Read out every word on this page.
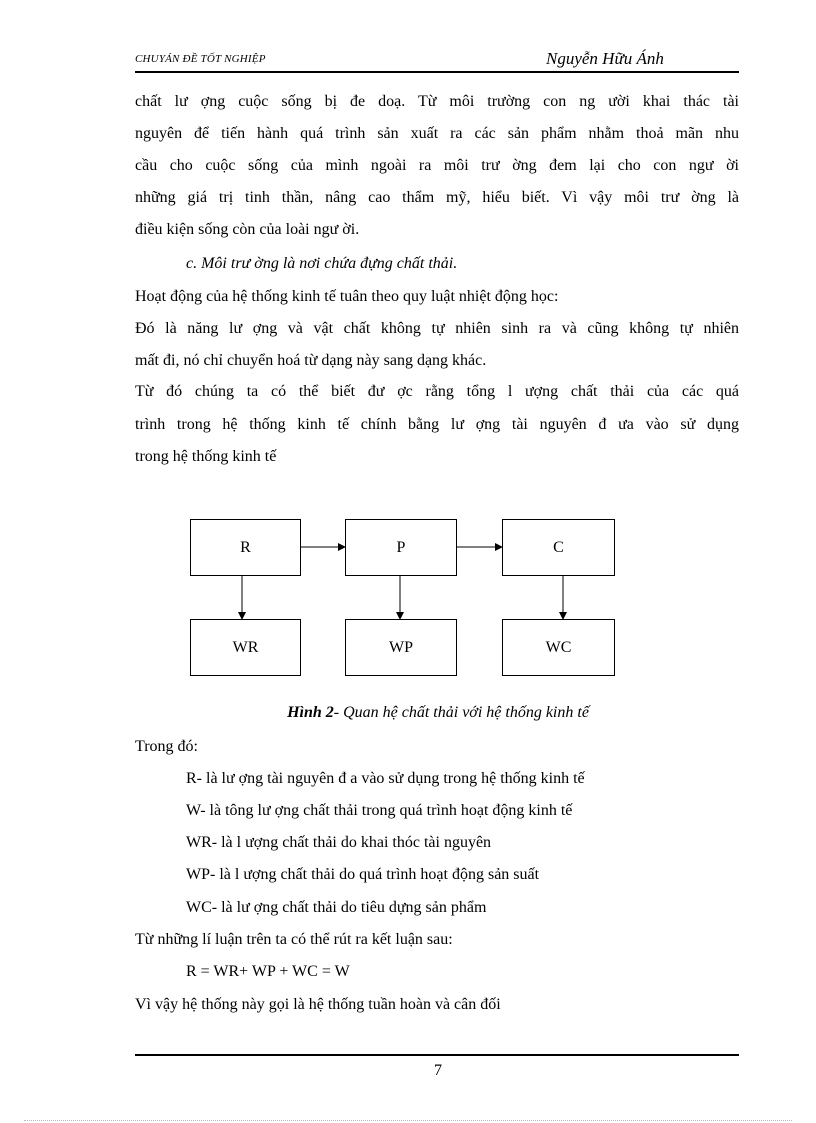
CHUYÁN ĐỀ TỐT NGHIỆP	Nguyễn Hữu Ánh
chất lư ợng cuộc sống bị đe doạ. Từ môi trường con ng ười khai thác tài
nguyên để tiến hành quá trình sản xuất ra các sản phẩm nhằm thoả mãn nhu
cầu cho cuộc sống của mình ngoài ra môi trư ờng đem lại cho con ngư ời
những giá trị tinh thần, nâng cao thẩm mỹ, hiểu biết. Vì vậy môi trư ờng là
điều kiện sống còn của loài ngư ời.
c. Môi trư ờng là nơi chứa đựng chất thải.
Hoạt động của hệ thống kinh tế tuân theo quy luật nhiệt động học:
Đó là năng lư ợng và vật chất không tự nhiên sinh ra và cũng không tự nhiên
mất đi, nó chỉ chuyển hoá từ dạng này sang dạng khác.
Từ đó chúng ta có thể biết đư ợc rằng tổng l ượng chất thải của các quá
trình trong hệ thống kinh tế chính bằng lư ợng tài nguyên đ ưa vào sử dụng
trong hệ thống kinh tế
R	P	C
WR	WP	WC
Hình 2- Quan hệ chất thải với hệ thống kinh tế
Trong đó:
R- là lư ợng tài nguyên đ a vào sử dụng trong hệ thống kinh tế
W- là tông lư ợng chất thải trong quá trình hoạt động kinh tế
WR- là l ượng chất thải do khai thóc tài nguyên
WP- là l ượng chất thải do quá trình hoạt động sản suất
WC- là lư ợng chất thải do tiêu dựng sản phẩm
Từ những lí luận trên ta có thể rút ra kết luận sau:
R = WR+ WP + WC = W
Vì vậy hệ thống này gọi là hệ thống tuần hoàn và cân đối
7
